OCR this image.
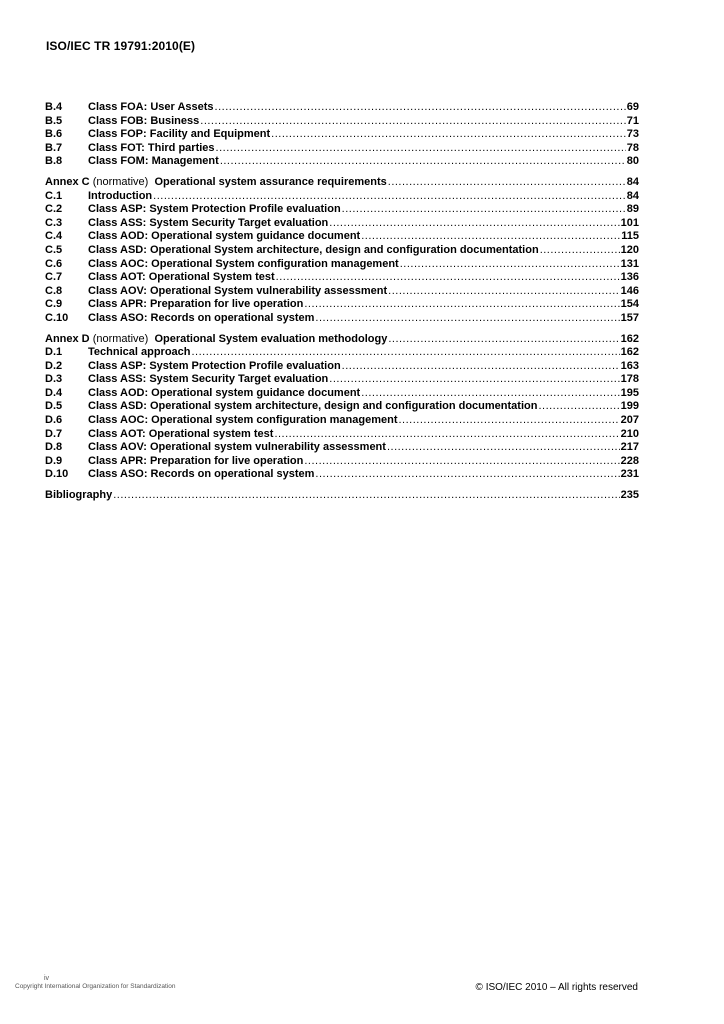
ISO/IEC TR 19791:2010(E)
B.4	Class FOA: User Assets .....	69
B.5	Class FOB: Business .....	71
B.6	Class FOP: Facility and Equipment .....	73
B.7	Class FOT: Third parties .....	78
B.8	Class FOM: Management .....	80
Annex C (normative) Operational system assurance requirements .....	84
C.1	Introduction .....	84
C.2	Class ASP: System Protection Profile evaluation .....	89
C.3	Class ASS: System Security Target evaluation .....	101
C.4	Class AOD: Operational system guidance document .....	115
C.5	Class ASD: Operational System architecture, design and configuration documentation .....	120
C.6	Class AOC: Operational System configuration management .....	131
C.7	Class AOT: Operational System test .....	136
C.8	Class AOV: Operational System vulnerability assessment .....	146
C.9	Class APR: Preparation for live operation .....	154
C.10	Class ASO: Records on operational system .....	157
Annex D (normative) Operational System evaluation methodology .....	162
D.1	Technical approach .....	162
D.2	Class ASP: System Protection Profile evaluation .....	163
D.3	Class ASS: System Security Target evaluation .....	178
D.4	Class AOD: Operational system guidance document .....	195
D.5	Class ASD: Operational system architecture, design and configuration documentation .....	199
D.6	Class AOC: Operational system configuration management .....	207
D.7	Class AOT: Operational system test .....	210
D.8	Class AOV: Operational system vulnerability assessment .....	217
D.9	Class APR: Preparation for live operation .....	228
D.10	Class ASO: Records on operational system .....	231
Bibliography .....	235
iv
Copyright International Organization for Standardization	© ISO/IEC 2010 – All rights reserved
